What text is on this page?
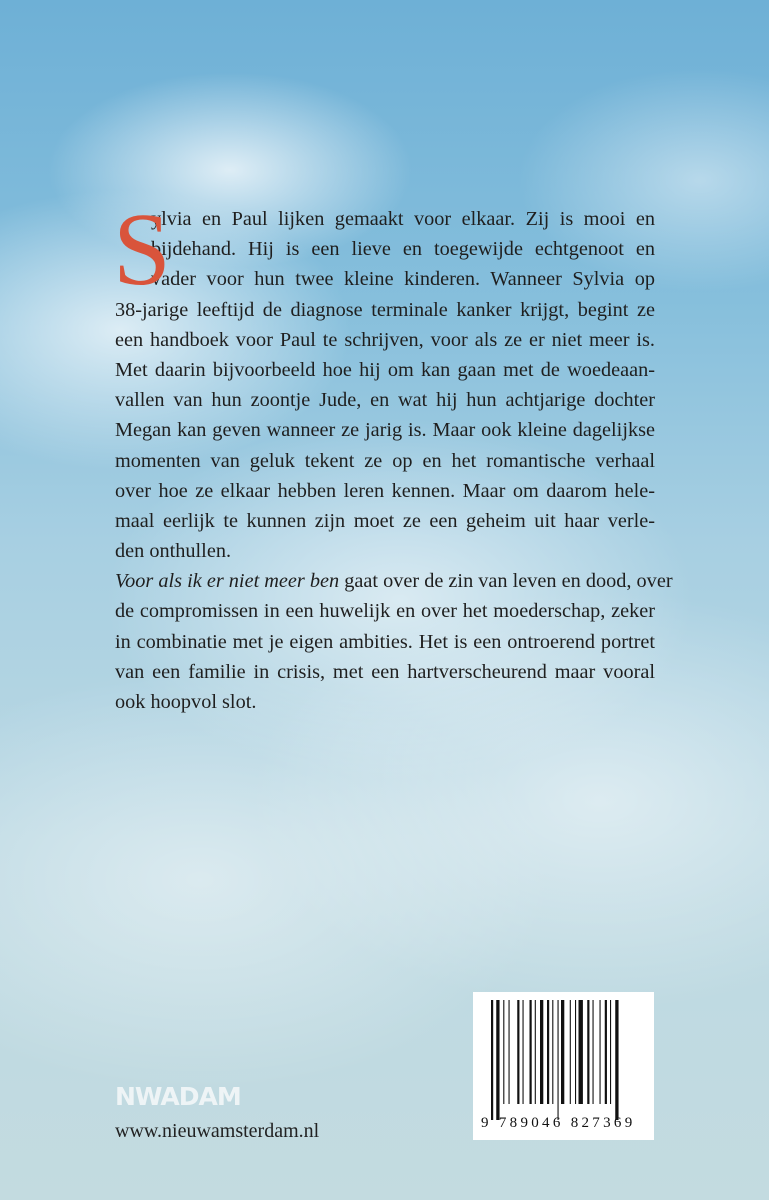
S
ylvia en Paul lijken gemaakt voor elkaar. Zij is mooi en
bijdehand. Hij is een lieve en toegewijde echtgenoot en
vader voor hun twee kleine kinderen. Wanneer Sylvia op
38-jarige leeftijd de diagnose terminale kanker krijgt, begint ze
een handboek voor Paul te schrijven, voor als ze er niet meer is.
Met daarin bijvoorbeeld hoe hij om kan gaan met de woedeaan-
vallen van hun zoontje Jude, en wat hij hun achtjarige dochter
Megan kan geven wanneer ze jarig is. Maar ook kleine dagelijkse
momenten van geluk tekent ze op en het romantische verhaal
over hoe ze elkaar hebben leren kennen. Maar om daarom hele-
maal eerlijk te kunnen zijn moet ze een geheim uit haar verle-
den onthullen.
Voor als ik er niet meer ben gaat over de zin van leven en dood, over
de compromissen in een huwelijk en over het moederschap, zeker
in combinatie met je eigen ambities. Het is een ontroerend portret
van een familie in crisis, met een hartverscheurend maar vooral
ook hoopvol slot.
NWADAM
www.nieuwamsterdam.nl	9 789046 827369
